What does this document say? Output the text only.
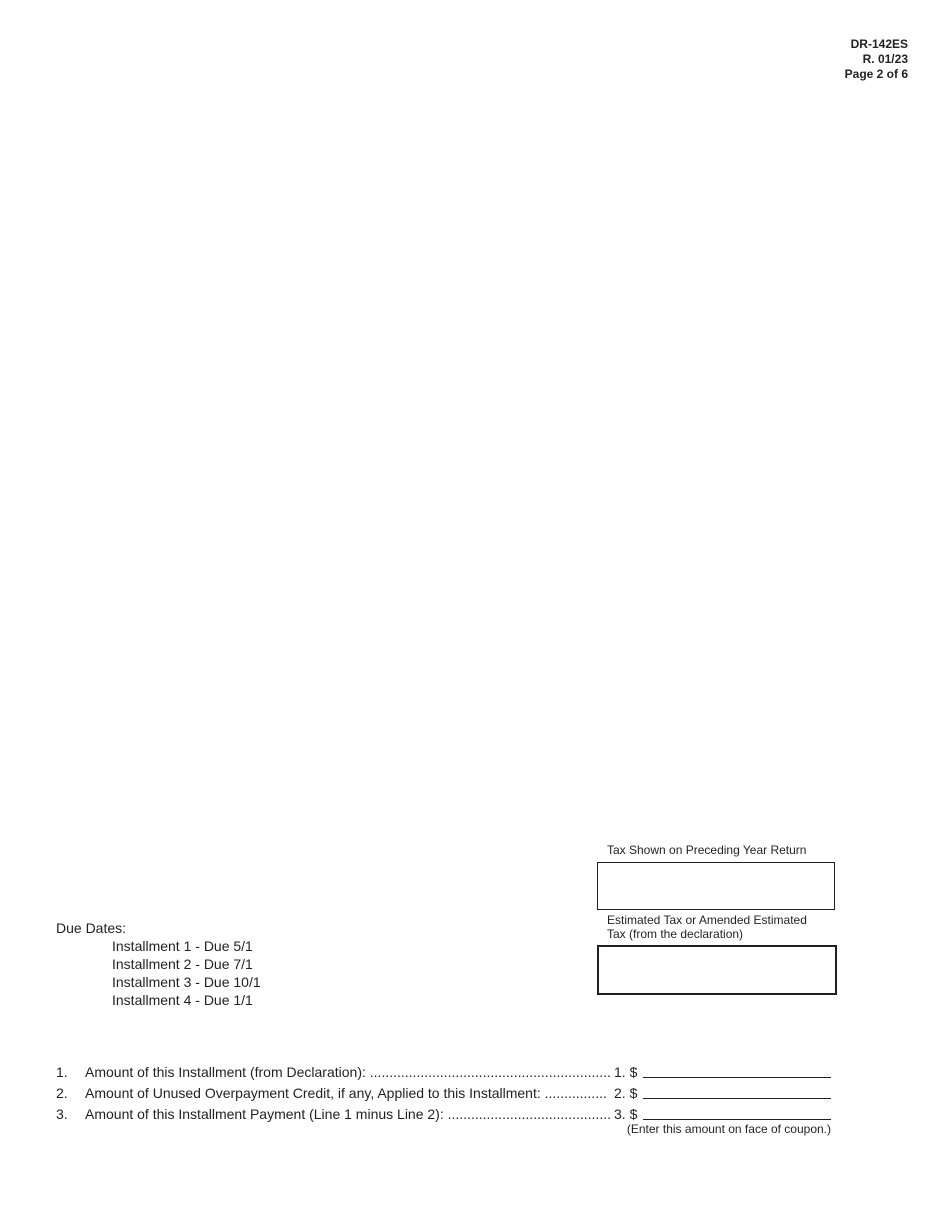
DR-142ES
R. 01/23
Page 2 of 6
Tax Shown on Preceding Year Return
Estimated Tax or Amended Estimated
Tax (from the declaration)
Due Dates:
Installment 1 - Due 5/1
Installment 2 - Due 7/1
Installment 3 - Due 10/1
Installment 4 - Due 1/1
1. Amount of this Installment (from Declaration): .............................................................. 1. $
2. Amount of Unused Overpayment Credit, if any, Applied to this Installment: ................ 2. $
3. Amount of this Installment Payment (Line 1 minus Line 2): .......................................... 3. $
(Enter this amount on face of coupon.)
